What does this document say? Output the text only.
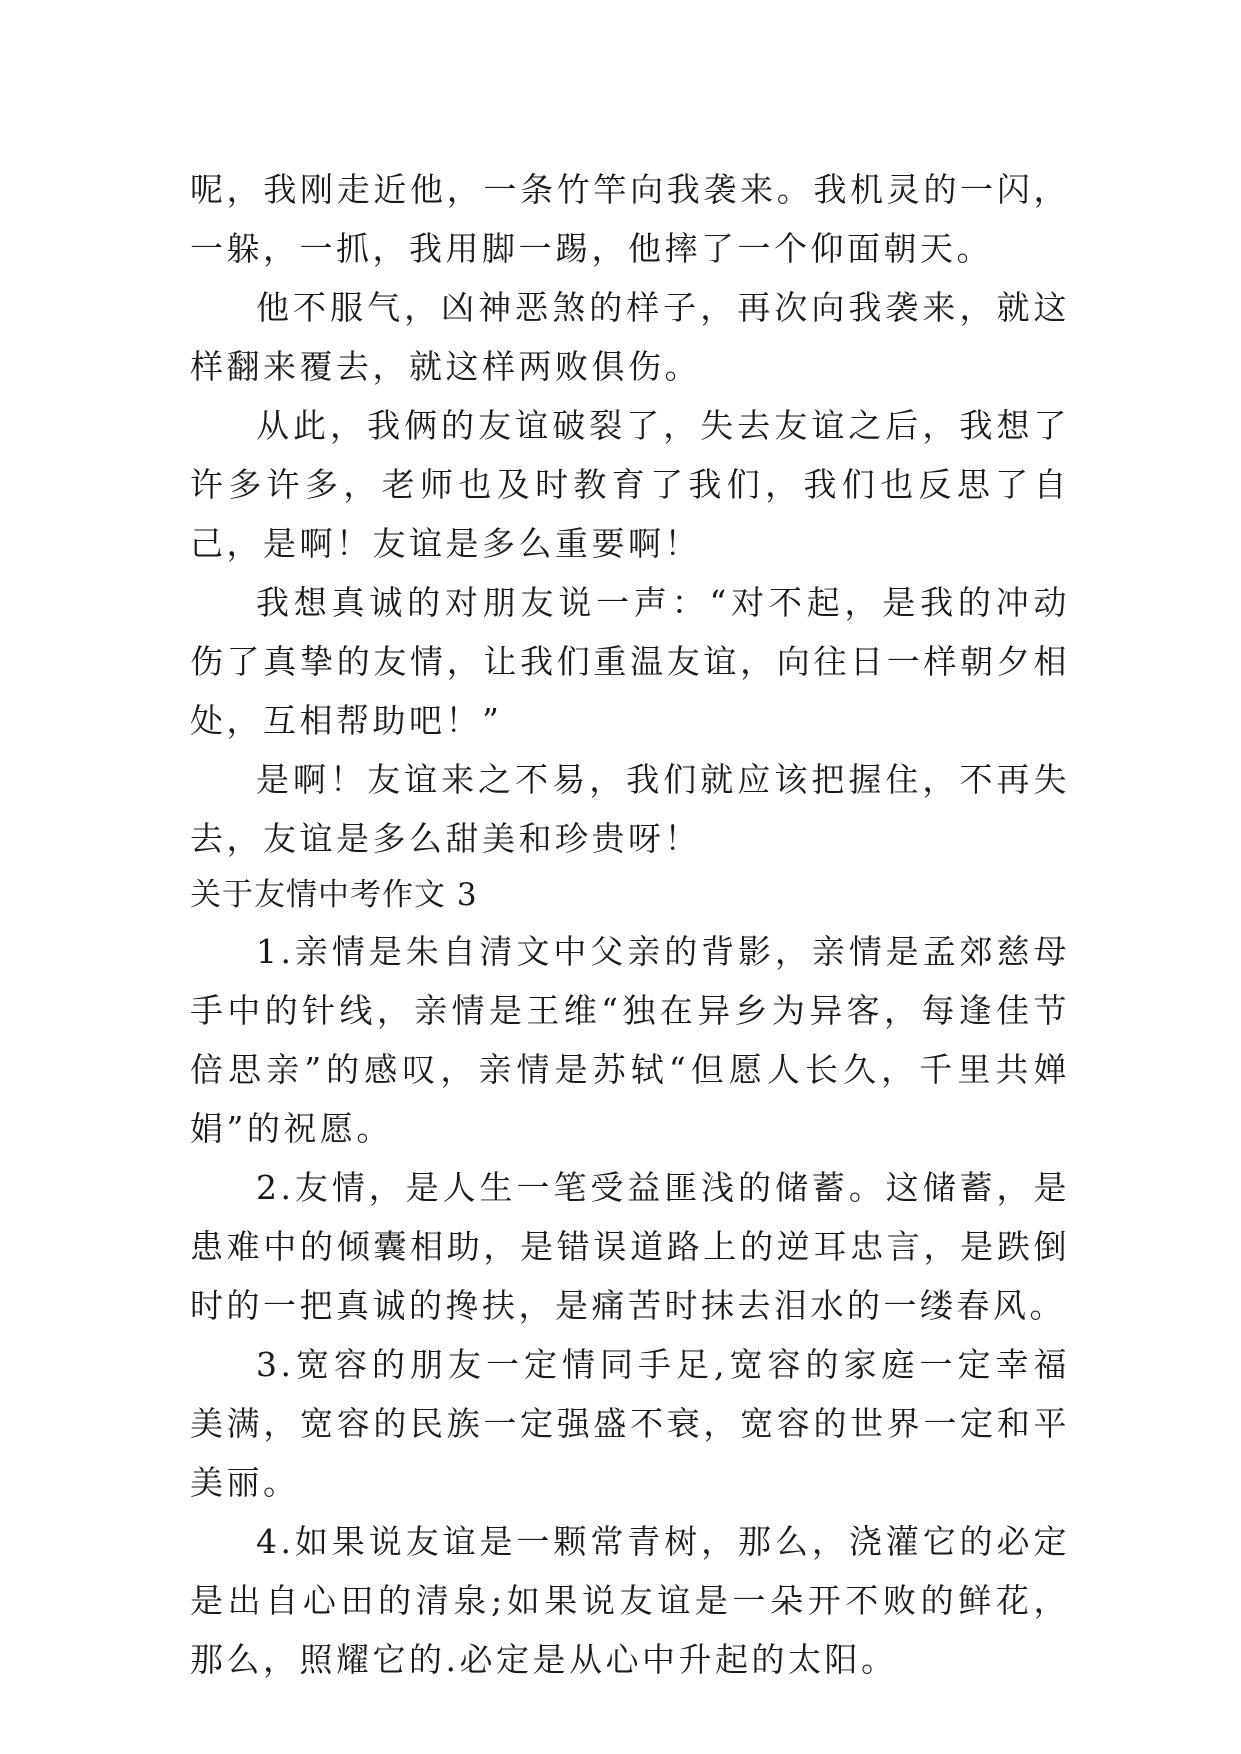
呢，我刚走近他，一条竹竿向我袭来。我机灵的一闪，一躲，一抓，我用脚一踢，他摔了一个仰面朝天。

他不服气，凶神恶煞的样子，再次向我袭来，就这样翻来覆去，就这样两败俱伤。

从此，我俩的友谊破裂了，失去友谊之后，我想了许多许多，老师也及时教育了我们，我们也反思了自己，是啊！友谊是多么重要啊！

我想真诚的对朋友说一声：“对不起，是我的冲动伤了真挚的友情，让我们重温友谊，向往日一样朝夕相处，互相帮助吧！”

是啊！友谊来之不易，我们就应该把握住，不再失去，友谊是多么甜美和珍贵呀！

关于友情中考作文 3

1.亲情是朱自清文中父亲的背影，亲情是孟郊慈母手中的针线，亲情是王维“独在异乡为异客，每逢佳节倍思亲”的感叹，亲情是苏轼“但愿人长久，千里共婵娟”的祝愿。

2.友情，是人生一笔受益匪浅的储蓄。这储蓄，是患难中的倾囊相助，是错误道路上的逆耳忠言，是跌倒时的一把真诚的搀扶，是痛苦时抹去泪水的一缕春风。

3.宽容的朋友一定情同手足,宽容的家庭一定幸福美满，宽容的民族一定强盛不衰，宽容的世界一定和平美丽。

4.如果说友谊是一颗常青树，那么，浇灌它的必定是出自心田的清泉;如果说友谊是一朵开不败的鲜花，那么，照耀它的.必定是从心中升起的太阳。
